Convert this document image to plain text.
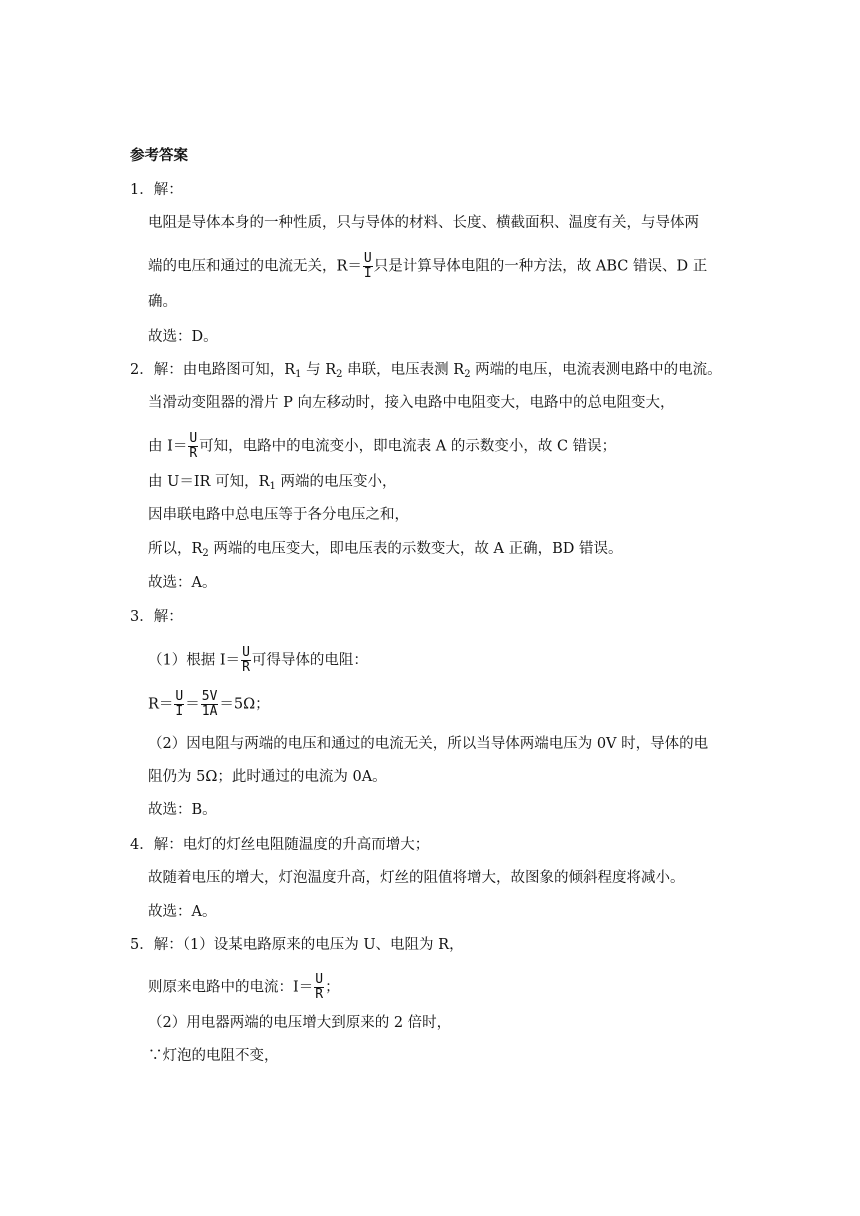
参考答案
1．解：
电阻是导体本身的一种性质，只与导体的材料、长度、横截面积、温度有关，与导体两
端的电压和通过的电流无关，$R= \frac{U}{I}$ 只是计算导体电阻的一种方法，故 ABC 错误、D 正
确。
故选：D。
2．解：由电路图可知，$R_1$ 与 $R_2$ 串联，电压表测 $R_2$ 两端的电压，电流表测电路中的电流。
当滑动变阻器的滑片 P 向左移动时，接入电路中电阻变大，电路中的总电阻变大，
由 $I= \frac{U}{R}$ 可知，电路中的电流变小，即电流表 A 的示数变小，故 C 错误；
由 U＝IR 可知，$R_1$ 两端的电压变小，
因串联电路中总电压等于各分电压之和，
所以，$R_2$ 两端的电压变大，即电压表的示数变大，故 A 正确，BD 错误。
故选：A。
3．解：
（1）根据 $I= \frac{U}{R}$ 可得导体的电阻：
$R= \frac{U}{I} = \frac{5V}{1A} =5\Omega$；
（2）因电阻与两端的电压和通过的电流无关，所以当导体两端电压为 0V 时，导体的电
阻仍为 5Ω；此时通过的电流为 0A。
故选：B。
4．解：电灯的灯丝电阻随温度的升高而增大；
故随着电压的增大，灯泡温度升高，灯丝的阻值将增大，故图象的倾斜程度将减小。
故选：A。
5．解：（1）设某电路原来的电压为 U、电阻为 R，
则原来电路中的电流：$I= \frac{U}{R}$ ；
（2）用电器两端的电压增大到原来的 2 倍时，
∵灯泡的电阻不变，
